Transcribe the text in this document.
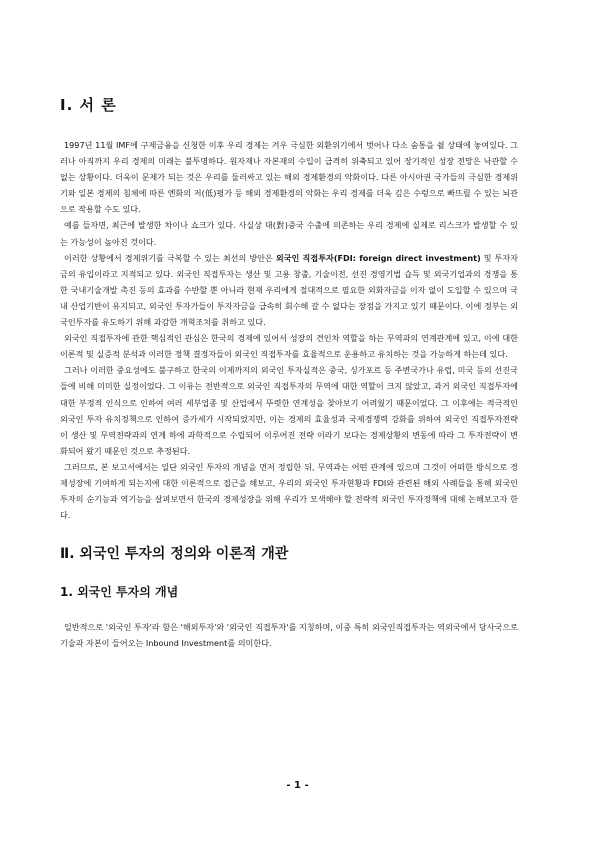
Ⅰ. 서 론

1997년 11월 IMF에 구제금융을 신청한 이후 우리 경제는 겨우 극심한 외환위기에서 벗어나 다소 숨통을 쉴 상태에 놓여있다. 그러나 아직까지 우리 경제의 미래는 불투명하다. 원자재나 자본재의 수입이 급격히 위축되고 있어 장기적인 성장 전망은 낙관할 수 없는 상황이다. 더욱이 문제가 되는 것은 우리를 둘러싸고 있는 해외 경제환경의 악화이다. 다른 아시아권 국가들의 극심한 경제위기와 일본 경제의 침체에 따른 엔화의 저(低)평가 등 해외 경제환경의 악화는 우리 경제를 더욱 깊은 수렁으로 빠뜨릴 수 있는 뇌관으로 작용할 수도 있다.

예를 들자면, 최근에 발생한 차이나 쇼크가 있다. 사실상 대(對)중국 수출에 의존하는 우리 경제에 실제로 리스크가 발생할 수 있는 가능성이 높아진 것이다.

이러한 상황에서 경제위기를 극복할 수 있는 최선의 방안은 외국인 직접투자(FDI: foreign direct investment) 및 투자자금의 유입이라고 지적되고 있다. 외국인 직접투자는 생산 및 고용 창출, 기술이전, 선진 경영기법 습득 및 외국기업과의 경쟁을 통한 국내기술개발 촉진 등의 효과를 수반할 뿐 아니라 현재 우리에게 절대적으로 필요한 외화자금을 이자 없이 도입할 수 있으며 국내 산업기반이 유지되고, 외국인 투자가들이 투자자금을 급속히 회수해 갈 수 없다는 장점을 가지고 있기 때문이다. 이에 정부는 외국인투자를 유도하기 위해 과감한 개혁조치를 취하고 있다.

외국인 직접투자에 관한 핵심적인 관심은 한국의 경제에 있어서 성장의 견인차 역할을 하는 무역과의 연계관계에 있고, 이에 대한 이론적 및 실증적 분석과 이러한 정책 결정자들이 외국인 직접투자를 효율적으로 운용하고 유치하는 것을 가능하게 하는데 있다.

그러나 이러한 중요성에도 불구하고 한국의 이제까지의 외국인 투자실적은 중국, 싱가포르 등 주변국가나 유럽, 미국 등의 선진국들에 비해 미미한 실정이었다. 그 이유는 전반적으로 외국인 직접투자의 무역에 대한 역할이 크지 않았고, 과거 외국인 직접투자에 대한 부정적 인식으로 인하여 여러 세부업종 및 산업에서 뚜렷한 연계성을 찾아보기 어려웠기 때문이었다. 그 이후에는 적극적인 외국인 투자 유치정책으로 인하여 증가세가 시작되었지만, 이는 경제의 효율성과 국제경쟁력 강화를 위하여 외국인 직접투자전략이 생산 및 무역전략과의 연계 하에 과학적으로 수립되어 이루어진 전략 이라기 보다는 경제상황의 변동에 따라 그 투자전략이 변화되어 왔기 때문인 것으로 추정된다.

그러므로, 본 보고서에서는 일단 외국인 투자의 개념을 먼저 정립한 뒤, 무역과는 어떤 관계에 있으며 그것이 어떠한 방식으로 경제성장에 기여하게 되는지에 대한 이론적으로 접근을 해보고, 우리의 외국인 투자현황과 FDI와 관련된 해외 사례들을 통해 외국인 투자의 순기능과 역기능을 살펴보면서 한국의 경제성장을 위해 우리가 모색해야 할 전략적 외국인 투자정책에 대해 논해보고자 한다.

Ⅱ. 외국인 투자의 정의와 이론적 개관
1. 외국인 투자의 개념

일반적으로 '외국인 투자'라 함은 '해외투자'와 '외국인 직접투자'를 지칭하며, 이중 특히 외국인직접투자는 역외국에서 당사국으로 기술과 자본이 들어오는 Inbound Investment를 의미한다.

- 1 -
